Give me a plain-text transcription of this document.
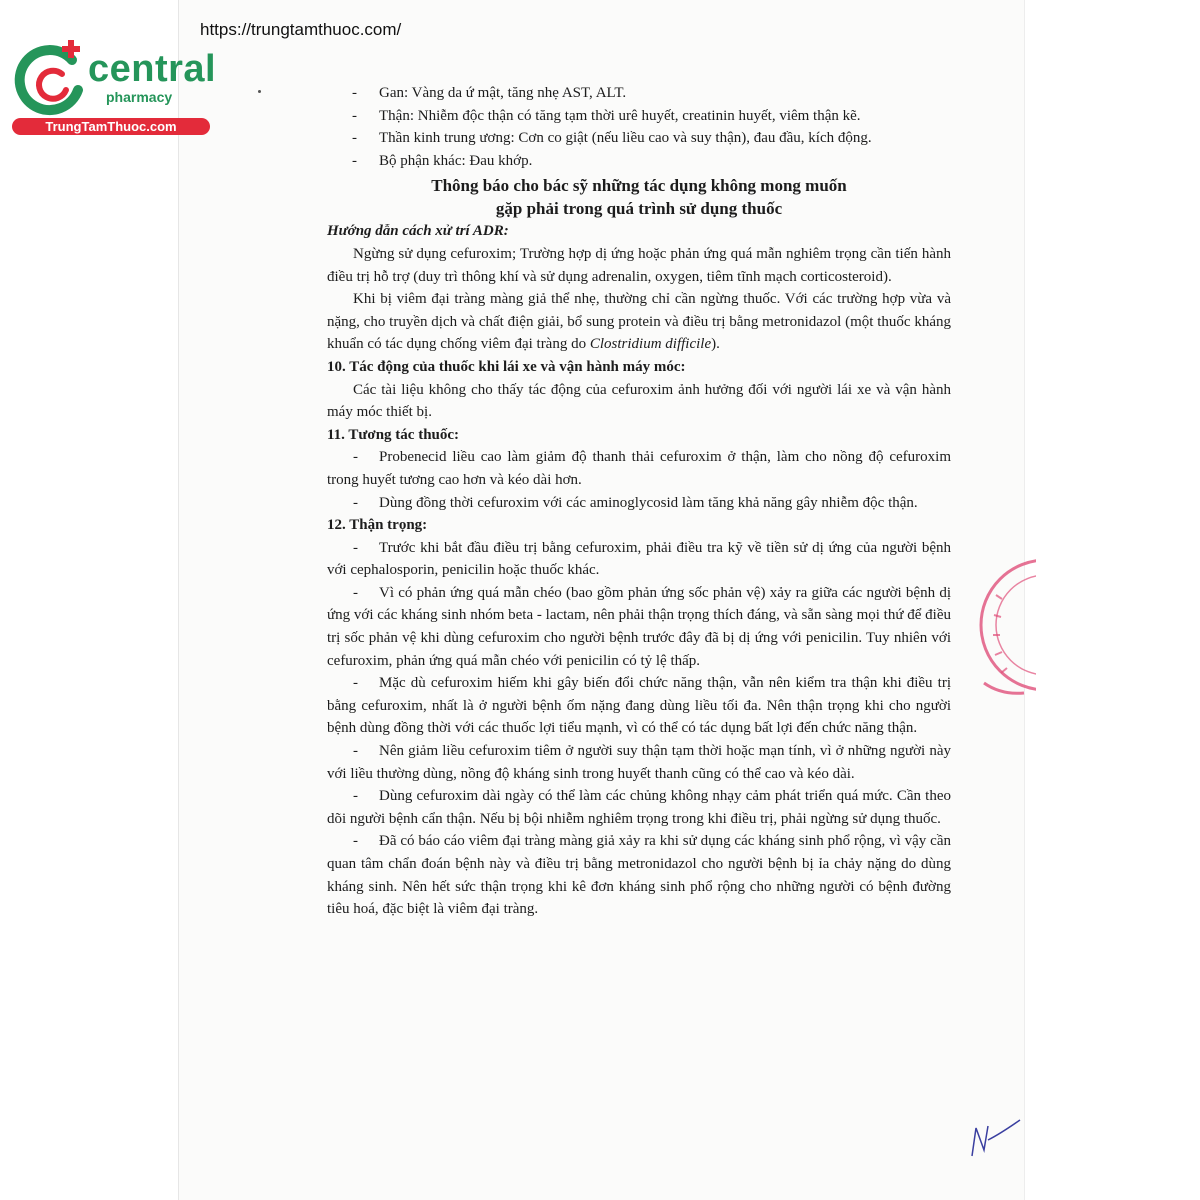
https://trungtamthuoc.com/
central
pharmacy
TrungTamThuoc.com
- Gan: Vàng da ứ mật, tăng nhẹ AST, ALT.
- Thận: Nhiễm độc thận có tăng tạm thời urê huyết, creatinin huyết, viêm thận kẽ.
- Thần kinh trung ương: Cơn co giật (nếu liều cao và suy thận), đau đầu, kích động.
- Bộ phận khác: Đau khớp.
Thông báo cho bác sỹ những tác dụng không mong muốn
gặp phải trong quá trình sử dụng thuốc
Hướng dẫn cách xử trí ADR:
Ngừng sử dụng cefuroxim; Trường hợp dị ứng hoặc phản ứng quá mẫn nghiêm trọng cần tiến hành điều trị hỗ trợ (duy trì thông khí và sử dụng adrenalin, oxygen, tiêm tĩnh mạch corticosteroid).
Khi bị viêm đại tràng màng giả thể nhẹ, thường chỉ cần ngừng thuốc. Với các trường hợp vừa và nặng, cho truyền dịch và chất điện giải, bổ sung protein và điều trị bằng metronidazol (một thuốc kháng khuẩn có tác dụng chống viêm đại tràng do Clostridium difficile).
10. Tác động của thuốc khi lái xe và vận hành máy móc:
Các tài liệu không cho thấy tác động của cefuroxim ảnh hưởng đối với người lái xe và vận hành máy móc thiết bị.
11. Tương tác thuốc:
- Probenecid liều cao làm giảm độ thanh thải cefuroxim ở thận, làm cho nồng độ cefuroxim trong huyết tương cao hơn và kéo dài hơn.
- Dùng đồng thời cefuroxim với các aminoglycosid làm tăng khả năng gây nhiễm độc thận.
12. Thận trọng:
- Trước khi bắt đầu điều trị bằng cefuroxim, phải điều tra kỹ về tiền sử dị ứng của người bệnh với cephalosporin, penicilin hoặc thuốc khác.
- Vì có phản ứng quá mẫn chéo (bao gồm phản ứng sốc phản vệ) xảy ra giữa các người bệnh dị ứng với các kháng sinh nhóm beta - lactam, nên phải thận trọng thích đáng, và sẵn sàng mọi thứ để điều trị sốc phản vệ khi dùng cefuroxim cho người bệnh trước đây đã bị dị ứng với penicilin. Tuy nhiên với cefuroxim, phản ứng quá mẫn chéo với penicilin có tỷ lệ thấp.
- Mặc dù cefuroxim hiếm khi gây biến đổi chức năng thận, vẫn nên kiểm tra thận khi điều trị bằng cefuroxim, nhất là ở người bệnh ốm nặng đang dùng liều tối đa. Nên thận trọng khi cho người bệnh dùng đồng thời với các thuốc lợi tiểu mạnh, vì có thể có tác dụng bất lợi đến chức năng thận.
- Nên giảm liều cefuroxim tiêm ở người suy thận tạm thời hoặc mạn tính, vì ở những người này với liều thường dùng, nồng độ kháng sinh trong huyết thanh cũng có thể cao và kéo dài.
- Dùng cefuroxim dài ngày có thể làm các chủng không nhạy cảm phát triển quá mức. Cần theo dõi người bệnh cẩn thận. Nếu bị bội nhiễm nghiêm trọng trong khi điều trị, phải ngừng sử dụng thuốc.
- Đã có báo cáo viêm đại tràng màng giả xảy ra khi sử dụng các kháng sinh phổ rộng, vì vậy cần quan tâm chẩn đoán bệnh này và điều trị bằng metronidazol cho người bệnh bị ỉa chảy nặng do dùng kháng sinh. Nên hết sức thận trọng khi kê đơn kháng sinh phổ rộng cho những người có bệnh đường tiêu hoá, đặc biệt là viêm đại tràng.
